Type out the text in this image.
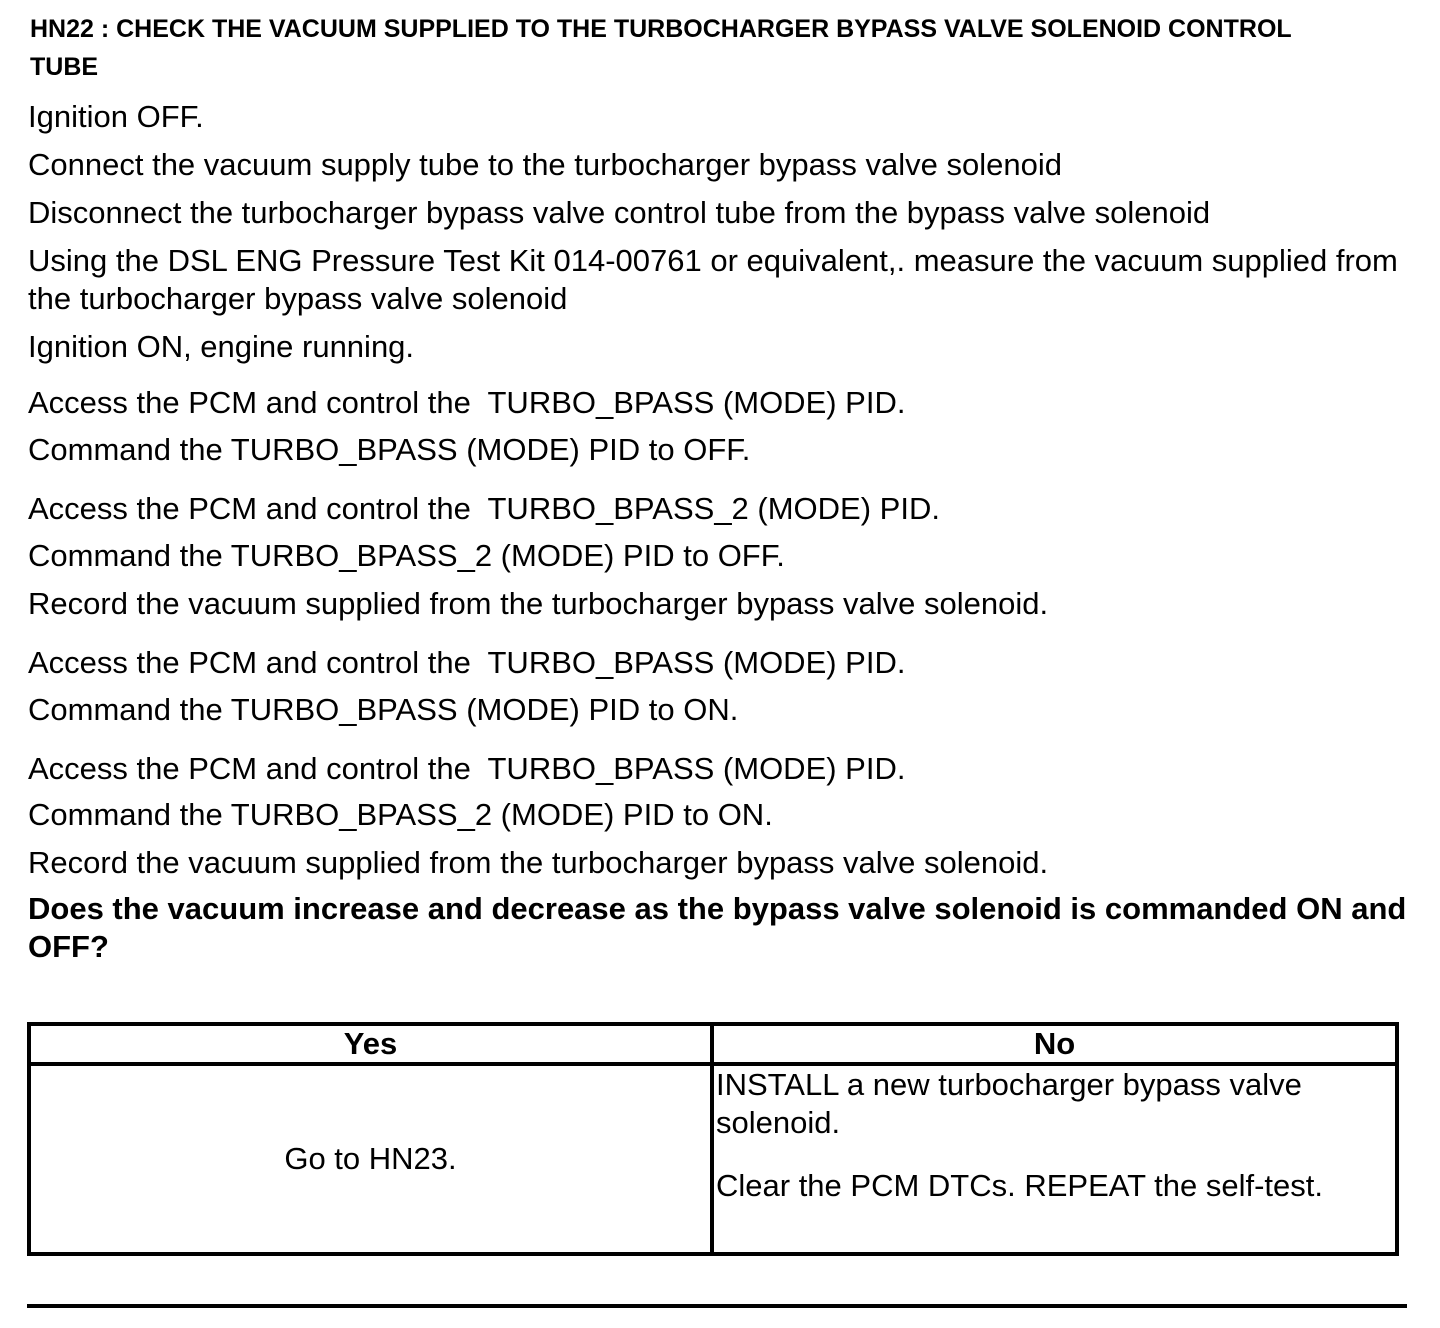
HN22 : CHECK THE VACUUM SUPPLIED TO THE TURBOCHARGER BYPASS VALVE SOLENOID CONTROL TUBE

Ignition OFF.

Connect the vacuum supply tube to the turbocharger bypass valve solenoid

Disconnect the turbocharger bypass valve control tube from the bypass valve solenoid

Using the DSL ENG Pressure Test Kit 014-00761 or equivalent,. measure the vacuum supplied from the turbocharger bypass valve solenoid

Ignition ON, engine running.

Access the PCM and control the  TURBO_BPASS (MODE) PID.

Command the TURBO_BPASS (MODE) PID to OFF.

Access the PCM and control the  TURBO_BPASS_2 (MODE) PID.

Command the TURBO_BPASS_2 (MODE) PID to OFF.

Record the vacuum supplied from the turbocharger bypass valve solenoid.

Access the PCM and control the  TURBO_BPASS (MODE) PID.

Command the TURBO_BPASS (MODE) PID to ON.

Access the PCM and control the  TURBO_BPASS (MODE) PID.

Command the TURBO_BPASS_2 (MODE) PID to ON.

Record the vacuum supplied from the turbocharger bypass valve solenoid.

Does the vacuum increase and decrease as the bypass valve solenoid is commanded ON and OFF?

Yes	No
Go to HN23.	INSTALL a new turbocharger bypass valve solenoid.

Clear the PCM DTCs. REPEAT the self-test.
